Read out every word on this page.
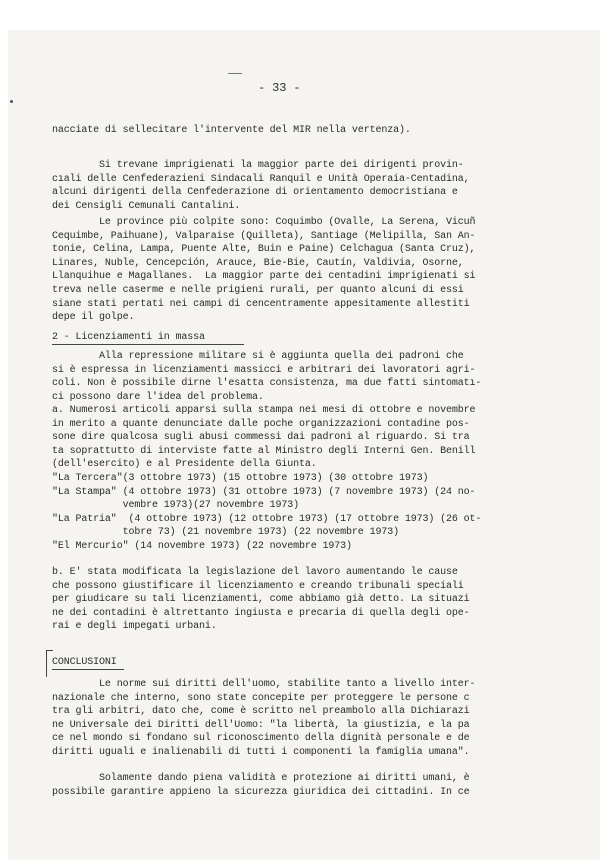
- 33 -
nacciate di sellecitare l'intervente del MIR nella vertenza).
Si trevane imprigienati la maggior parte dei dirigenti provin-
cıali delle Cenfederazieni Sindacali Ranquil e Unità Operaia-Centadina,
alcuni dirigenti della Cenfederazione di orientamento democristiana e
dei Censigli Cemunali Cantalini.
Le province più colpite sono: Coquimbo (Ovalle, La Serena, Vicuñ
Cequimbe, Paihuane), Valparaise (Quilleta), Santiage (Melipilla, San An-
tonie, Celina, Lampa, Puente Alte, Buin e Paine) Celchagua (Santa Cruz),
Linares, Nuble, Cencepción, Arauce, Bie-Bie, Cautín, Valdivia, Osorne,
Llanquihue e Magallanes.  La maggior parte dei centadini imprigienati si
treva nelle caserme e nelle prigieni rurali, per quanto alcuni di essi
siane stati pertati nei campi di cencentramente appesitamente allestiti
depe il golpe.
2 - Licenziamenti in massa
Alla repressione militare si è aggiunta quella dei padroni che
si è espressa in licenziamenti massicci e arbitrari dei lavoratori agri-
coli. Non è possibile dirne l'esatta consistenza, ma due fatti sintomatı-
ci possono dare l'idea del problema.
a. Numerosi articoli apparsi sulla stampa nei mesi di ottobre e novembre
in merito a quante denunciate dalle poche organizzazioni contadine pos-
sone dire qualcosa sugli abusi commessi dai padroni al riguardo. Si tra
ta soprattutto di interviste fatte al Ministro degli Interni Gen. Benill
(dell'esercito) e al Presidente della Giunta.
"La Tercera"(3 ottobre 1973) (15 ottobre 1973) (30 ottobre 1973)
"La Stampa" (4 ottobre 1973) (31 ottobre 1973) (7 novembre 1973) (24 no-
vembre 1973)(27 novembre 1973)
"La Patria"  (4 ottobre 1973) (12 ottobre 1973) (17 ottobre 1973) (26 ot-
tobre 73) (21 novembre 1973) (22 novembre 1973)
"El Mercurio" (14 novembre 1973) (22 novembre 1973)
b. E' stata modificata la legislazione del lavoro aumentando le cause
che possono giustificare il licenziamento e creando tribunali speciali
per giudicare su tali licenziamenti, come abbiamo già detto. La situazi
ne dei contadini è altrettanto ingiusta e precaria di quella degli ope-
rai e degli impegati urbani.
CONCLUSIONI
Le norme sui diritti dell'uomo, stabilite tanto a livello inter-
nazionale che interno, sono state concepite per proteggere le persone c
tra gli arbitri, dato che, come è scritto nel preambolo alla Dichiarazi
ne Universale dei Diritti dell'Uomo: "la libertà, la giustizia, e la pa
ce nel mondo si fondano sul riconoscimento della dignità personale e de
diritti uguali e inalienabili di tutti i componenti la famiglia umana".
Solamente dando piena validità e protezione ai diritti umani, è
possibile garantire appieno la sicurezza giuridica dei cittadini. In ce
